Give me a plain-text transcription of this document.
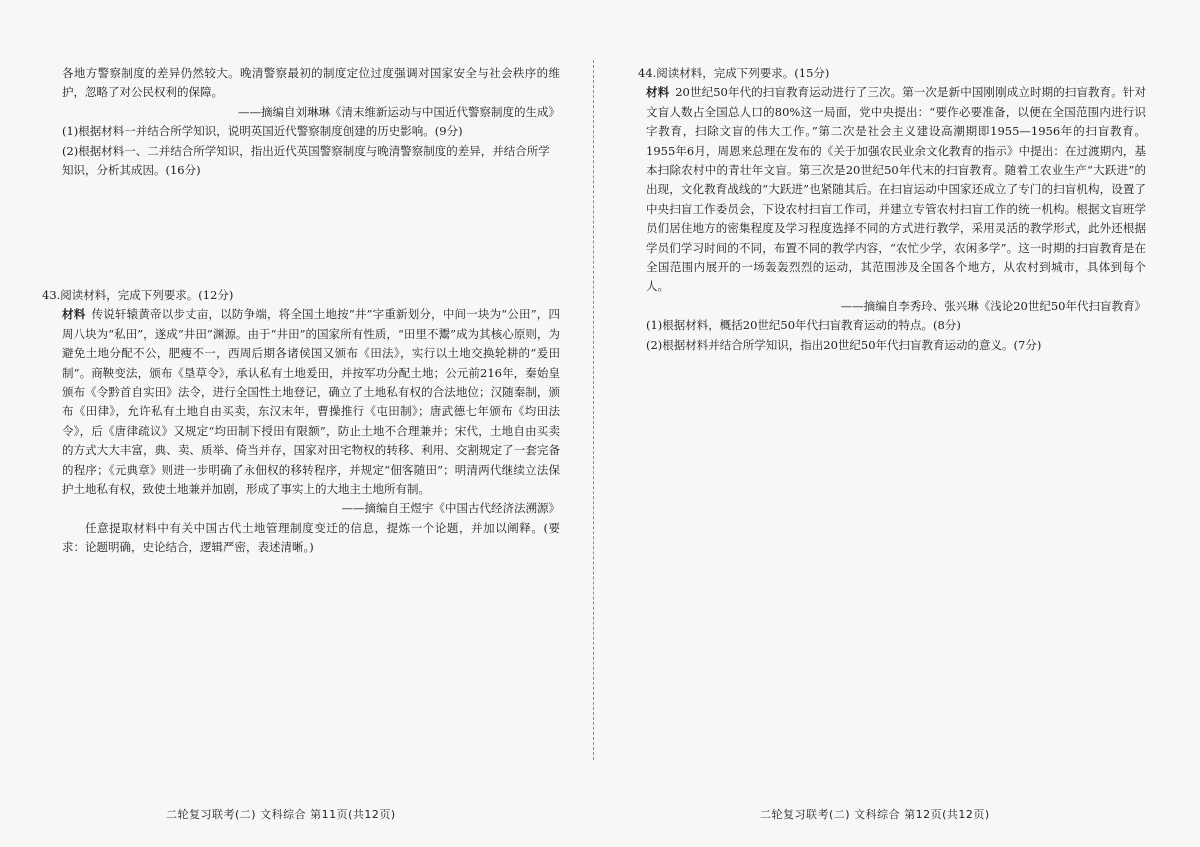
各地方警察制度的差异仍然较大。晚清警察最初的制度定位过度强调对国家安全与社会秩序的维护，忽略了对公民权利的保障。

——摘编自刘琳琳《清末维新运动与中国近代警察制度的生成》

(1)根据材料一并结合所学知识，说明英国近代警察制度创建的历史影响。(9分)

(2)根据材料一、二并结合所学知识，指出近代英国警察制度与晚清警察制度的差异，并结合所学知识，分析其成因。(16分)

43.阅读材料，完成下列要求。(12分)

材料 传说轩辕黄帝以步丈亩，以防争端，将全国土地按“井”字重新划分，中间一块为“公田”，四周八块为“私田”，遂成“井田”渊源。由于“井田”的国家所有性质，“田里不鬻”成为其核心原则，为避免土地分配不公，肥瘦不一，西周后期各诸侯国又颁布《田法》，实行以土地交换轮耕的“爰田制”。商鞅变法，颁布《垦草令》，承认私有土地爰田，并按军功分配土地；公元前216年，秦始皇颁布《令黔首自实田》法令，进行全国性土地登记，确立了土地私有权的合法地位；汉随秦制，颁布《田律》，允许私有土地自由买卖，东汉末年，曹操推行《屯田制》；唐武德七年颁布《均田法令》，后《唐律疏议》又规定“均田制下授田有限额”，防止土地不合理兼并；宋代，土地自由买卖的方式大大丰富，典、卖、质举、倚当并存，国家对田宅物权的转移、利用、交割规定了一套完备的程序；《元典章》则进一步明确了永佃权的移转程序，并规定“佃客随田”；明清两代继续立法保护土地私有权，致使土地兼并加剧，形成了事实上的大地主土地所有制。

——摘编自王煜宇《中国古代经济法溯源》

任意提取材料中有关中国古代土地管理制度变迁的信息，提炼一个论题，并加以阐释。(要求：论题明确，史论结合，逻辑严密，表述清晰。)

44.阅读材料，完成下列要求。(15分)

材料 20世纪50年代的扫盲教育运动进行了三次。第一次是新中国刚刚成立时期的扫盲教育。针对文盲人数占全国总人口的80%这一局面，党中央提出：“要作必要准备，以便在全国范围内进行识字教育，扫除文盲的伟大工作。”第二次是社会主义建设高潮期即1955—1956年的扫盲教育。1955年6月，周恩来总理在发布的《关于加强农民业余文化教育的指示》中提出：在过渡期内，基本扫除农村中的青壮年文盲。第三次是20世纪50年代末的扫盲教育。随着工农业生产“大跃进”的出现，文化教育战线的“大跃进”也紧随其后。在扫盲运动中国家还成立了专门的扫盲机构，设置了中央扫盲工作委员会，下设农村扫盲工作司，并建立专管农村扫盲工作的统一机构。根据文盲班学员们居住地方的密集程度及学习程度选择不同的方式进行教学，采用灵活的教学形式，此外还根据学员们学习时间的不同，布置不同的教学内容，“农忙少学，农闲多学”。这一时期的扫盲教育是在全国范围内展开的一场轰轰烈烈的运动，其范围涉及全国各个地方，从农村到城市，具体到每个人。

——摘编自李秀玲、张兴琳《浅论20世纪50年代扫盲教育》

(1)根据材料，概括20世纪50年代扫盲教育运动的特点。(8分)

(2)根据材料并结合所学知识，指出20世纪50年代扫盲教育运动的意义。(7分)

二轮复习联考(二) 文科综合 第11页(共12页)	二轮复习联考(二) 文科综合 第12页(共12页)
